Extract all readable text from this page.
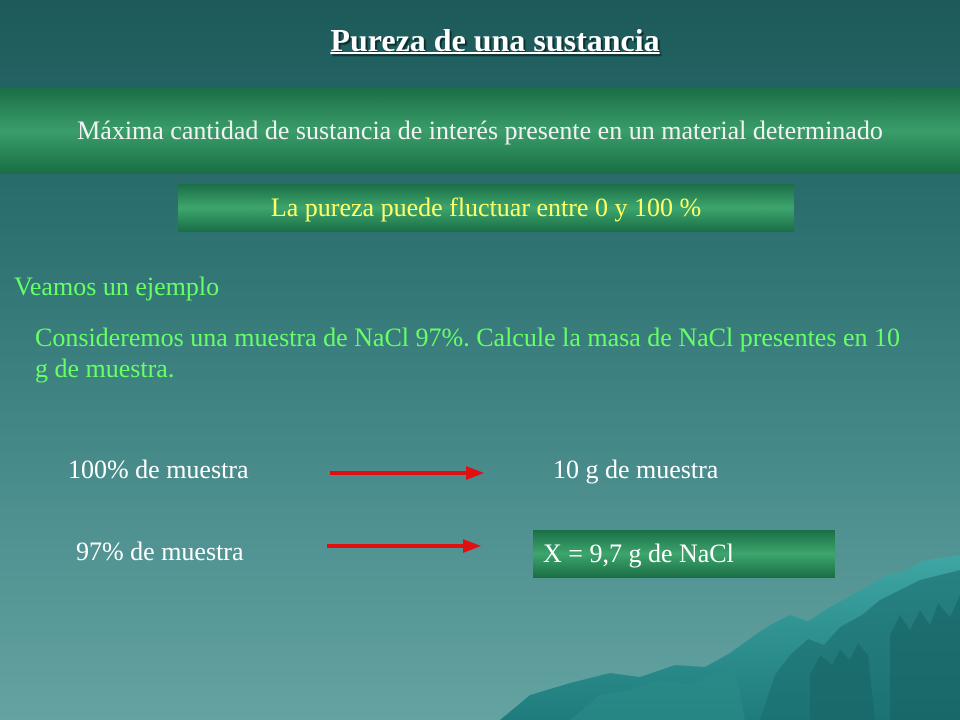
Pureza de una sustancia
Máxima cantidad de sustancia de interés presente en un material determinado
La pureza puede fluctuar entre 0 y 100 %
Veamos un ejemplo
Consideremos una muestra de NaCl 97%. Calcule la masa de NaCl presentes en 10 g de muestra.
100% de muestra	10 g de muestra
97% de muestra	X = 9,7 g de NaCl
